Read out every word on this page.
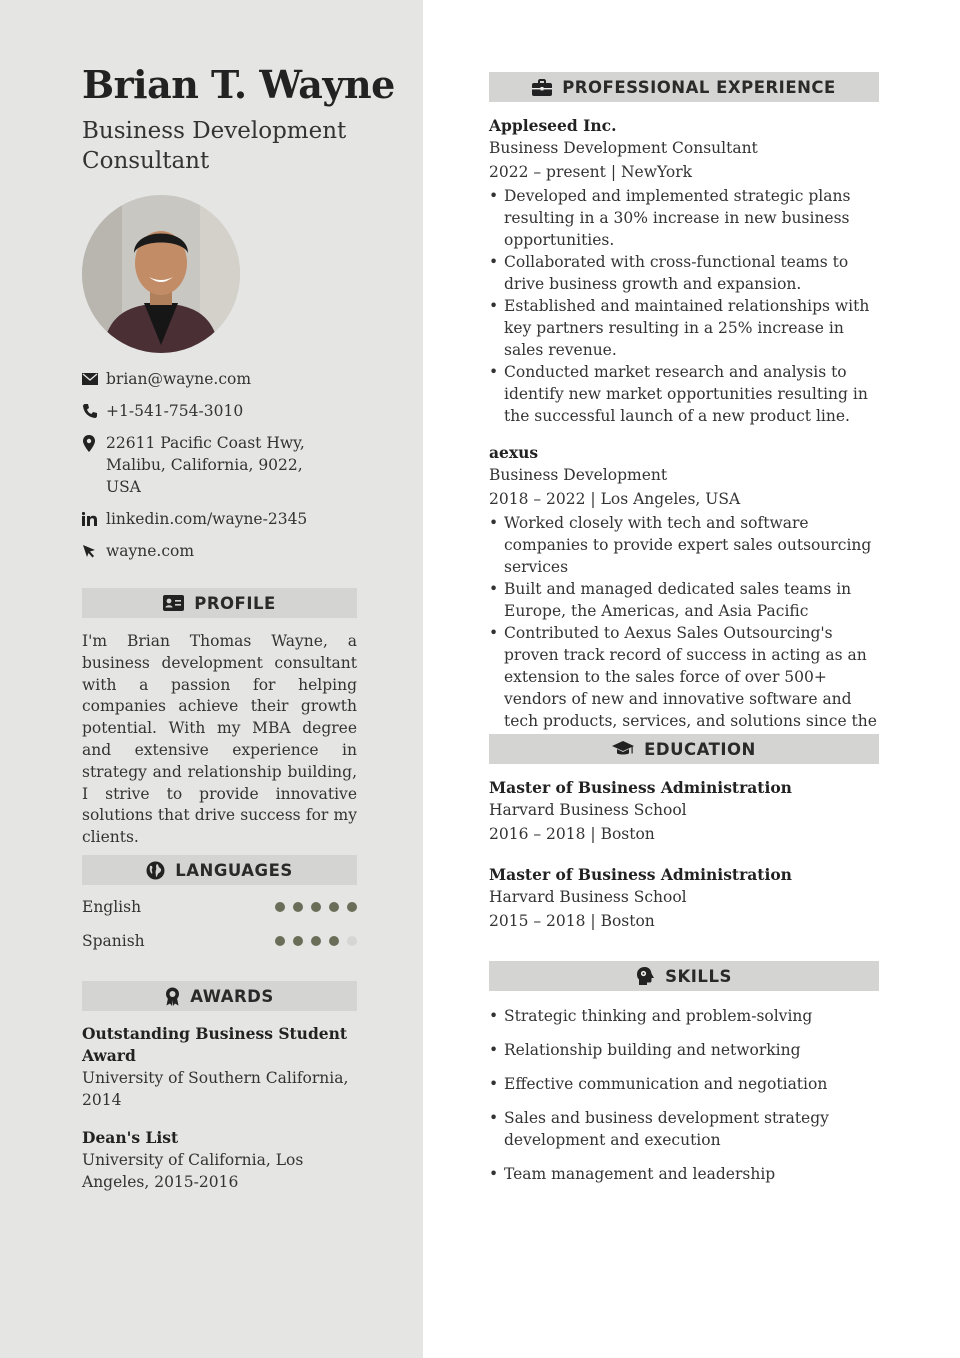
Brian T. Wayne
Business Development Consultant
brian@wayne.com
+1-541-754-3010
22611 Pacific Coast Hwy, Malibu, California, 9022, USA
linkedin.com/wayne-2345
wayne.com
PROFILE
I'm Brian Thomas Wayne, a business development consultant with a passion for helping companies achieve their growth potential. With my MBA degree and extensive experience in strategy and relationship building, I strive to provide innovative solutions that drive success for my clients.
LANGUAGES
English
Spanish
AWARDS
Outstanding Business Student Award
University of Southern California, 2014
Dean's List
University of California, Los Angeles, 2015-2016
PROFESSIONAL EXPERIENCE
Appleseed Inc.
Business Development Consultant
2022 – present | NewYork
• Developed and implemented strategic plans resulting in a 30% increase in new business opportunities.
• Collaborated with cross-functional teams to drive business growth and expansion.
• Established and maintained relationships with key partners resulting in a 25% increase in sales revenue.
• Conducted market research and analysis to identify new market opportunities resulting in the successful launch of a new product line.
aexus
Business Development
2018 – 2022 | Los Angeles, USA
• Worked closely with tech and software companies to provide expert sales outsourcing services
• Built and managed dedicated sales teams in Europe, the Americas, and Asia Pacific
• Contributed to Aexus Sales Outsourcing's proven track record of success in acting as an extension to the sales force of over 500+ vendors of new and innovative software and tech products, services, and solutions since the
EDUCATION
Master of Business Administration
Harvard Business School
2016 – 2018 | Boston
Master of Business Administration
Harvard Business School
2015 – 2018 | Boston
SKILLS
• Strategic thinking and problem-solving
• Relationship building and networking
• Effective communication and negotiation
• Sales and business development strategy development and execution
• Team management and leadership
